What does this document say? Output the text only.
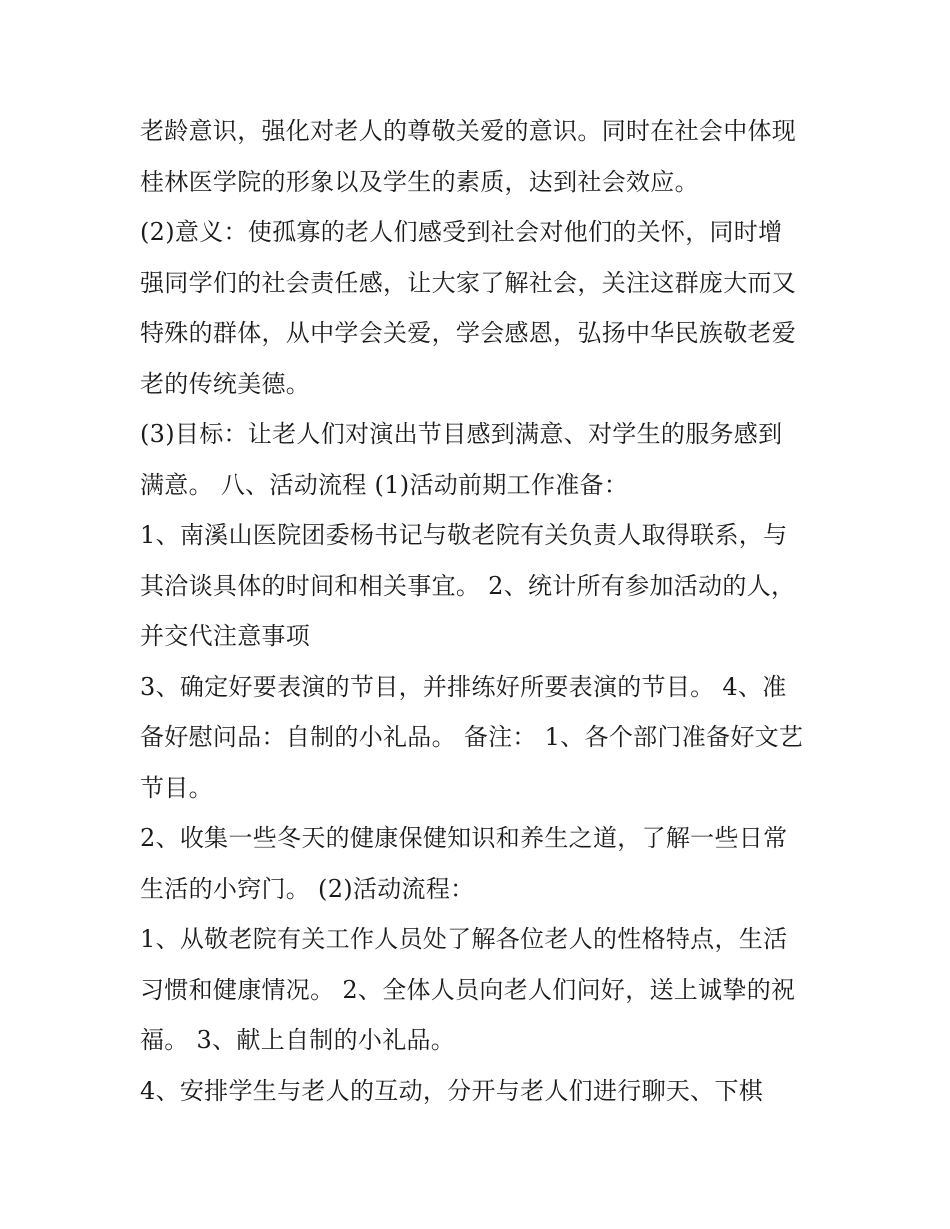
老龄意识，强化对老人的尊敬关爱的意识。同时在社会中体现
桂林医学院的形象以及学生的素质，达到社会效应。
(2)意义：使孤寡的老人们感受到社会对他们的关怀，同时增
强同学们的社会责任感，让大家了解社会，关注这群庞大而又
特殊的群体，从中学会关爱，学会感恩，弘扬中华民族敬老爱
老的传统美德。
(3)目标：让老人们对演出节目感到满意、对学生的服务感到
满意。 八、活动流程 (1)活动前期工作准备：
1、南溪山医院团委杨书记与敬老院有关负责人取得联系，与
其洽谈具体的时间和相关事宜。 2、统计所有参加活动的人，
并交代注意事项
3、确定好要表演的节目，并排练好所要表演的节目。 4、准
备好慰问品：自制的小礼品。 备注： 1、各个部门准备好文艺
节目。
2、收集一些冬天的健康保健知识和养生之道，了解一些日常
生活的小窍门。 (2)活动流程：
1、从敬老院有关工作人员处了解各位老人的性格特点，生活
习惯和健康情况。 2、全体人员向老人们问好，送上诚挚的祝
福。 3、献上自制的小礼品。
4、安排学生与老人的互动，分开与老人们进行聊天、下棋
